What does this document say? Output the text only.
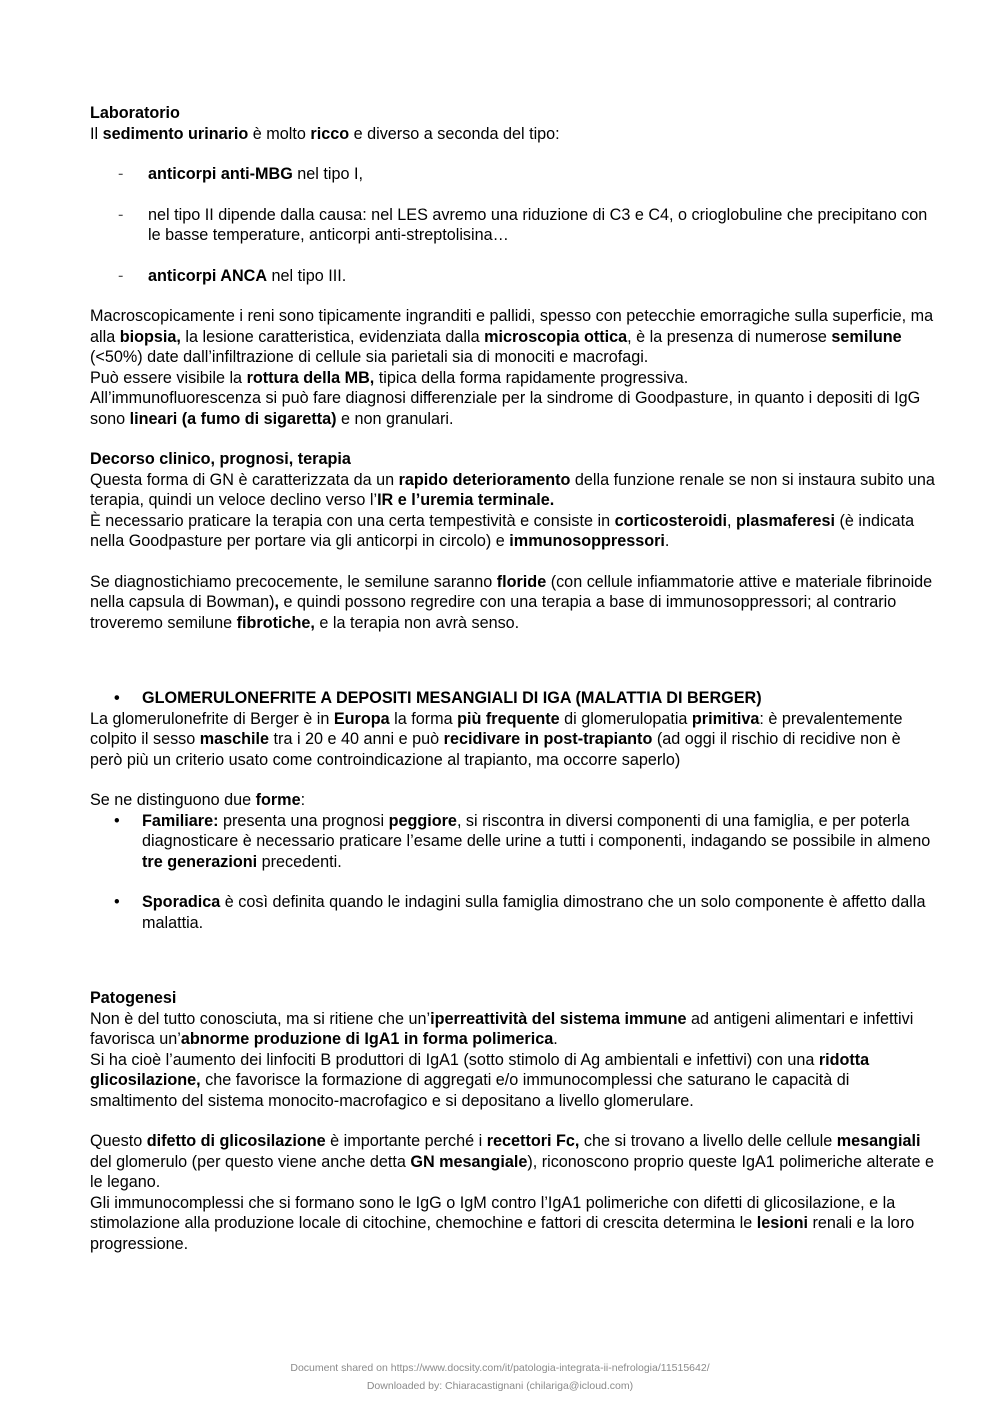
Laboratorio

Il sedimento urinario è molto ricco e diverso a seconda del tipo:

- anticorpi anti-MBG nel tipo I,

- nel tipo II dipende dalla causa: nel LES avremo una riduzione di C3 e C4, o crioglobuline che precipitano con le basse temperature, anticorpi anti-streptolisina…

- anticorpi ANCA nel tipo III.

Macroscopicamente i reni sono tipicamente ingranditi e pallidi, spesso con petecchie emorragiche sulla superficie, ma alla biopsia, la lesione caratteristica, evidenziata dalla microscopia ottica, è la presenza di numerose semilune (<50%) date dall’infiltrazione di cellule sia parietali sia di monociti e macrofagi.

Può essere visibile la rottura della MB, tipica della forma rapidamente progressiva.

All’immunofluorescenza si può fare diagnosi differenziale per la sindrome di Goodpasture, in quanto i depositi di IgG sono lineari (a fumo di sigaretta) e non granulari.

Decorso clinico, prognosi, terapia

Questa forma di GN è caratterizzata da un rapido deterioramento della funzione renale se non si instaura subito una terapia, quindi un veloce declino verso l’IR e l’uremia terminale.

È necessario praticare la terapia con una certa tempestività e consiste in corticosteroidi, plasmaferesi (è indicata nella Goodpasture per portare via gli anticorpi in circolo) e immunosoppressori.

Se diagnostichiamo precocemente, le semilune saranno floride (con cellule infiammatorie attive e materiale fibrinoide nella capsula di Bowman), e quindi possono regredire con una terapia a base di immunosoppressori; al contrario troveremo semilune fibrotiche, e la terapia non avrà senso.

• GLOMERULONEFRITE A DEPOSITI MESANGIALI DI IGA (MALATTIA DI BERGER)

La glomerulonefrite di Berger è in Europa la forma più frequente di glomerulopatia primitiva: è prevalentemente colpito il sesso maschile tra i 20 e 40 anni e può recidivare in post-trapianto (ad oggi il rischio di recidive non è però più un criterio usato come controindicazione al trapianto, ma occorre saperlo)

Se ne distinguono due forme:

• Familiare: presenta una prognosi peggiore, si riscontra in diversi componenti di una famiglia, e per poterla diagnosticare è necessario praticare l’esame delle urine a tutti i componenti, indagando se possibile in almeno tre generazioni precedenti.

• Sporadica è così definita quando le indagini sulla famiglia dimostrano che un solo componente è affetto dalla malattia.

Patogenesi

Non è del tutto conosciuta, ma si ritiene che un’iperreattività del sistema immune ad antigeni alimentari e infettivi favorisca un’abnorme produzione di IgA1 in forma polimerica.

Si ha cioè l’aumento dei linfociti B produttori di IgA1 (sotto stimolo di Ag ambientali e infettivi) con una ridotta glicosilazione, che favorisce la formazione di aggregati e/o immunocomplessi che saturano le capacità di smaltimento del sistema monocito-macrofagico e si depositano a livello glomerulare.

Questo difetto di glicosilazione è importante perché i recettori Fc, che si trovano a livello delle cellule mesangiali del glomerulo (per questo viene anche detta GN mesangiale), riconoscono proprio queste IgA1 polimeriche alterate e le legano.

Gli immunocomplessi che si formano sono le IgG o IgM contro l’IgA1 polimeriche con difetti di glicosilazione, e la stimolazione alla produzione locale di citochine, chemochine e fattori di crescita determina le lesioni renali e la loro progressione.

Document shared on https://www.docsity.com/it/patologia-integrata-ii-nefrologia/11515642/
Downloaded by: Chiaracastignani (chilariga@icloud.com)
